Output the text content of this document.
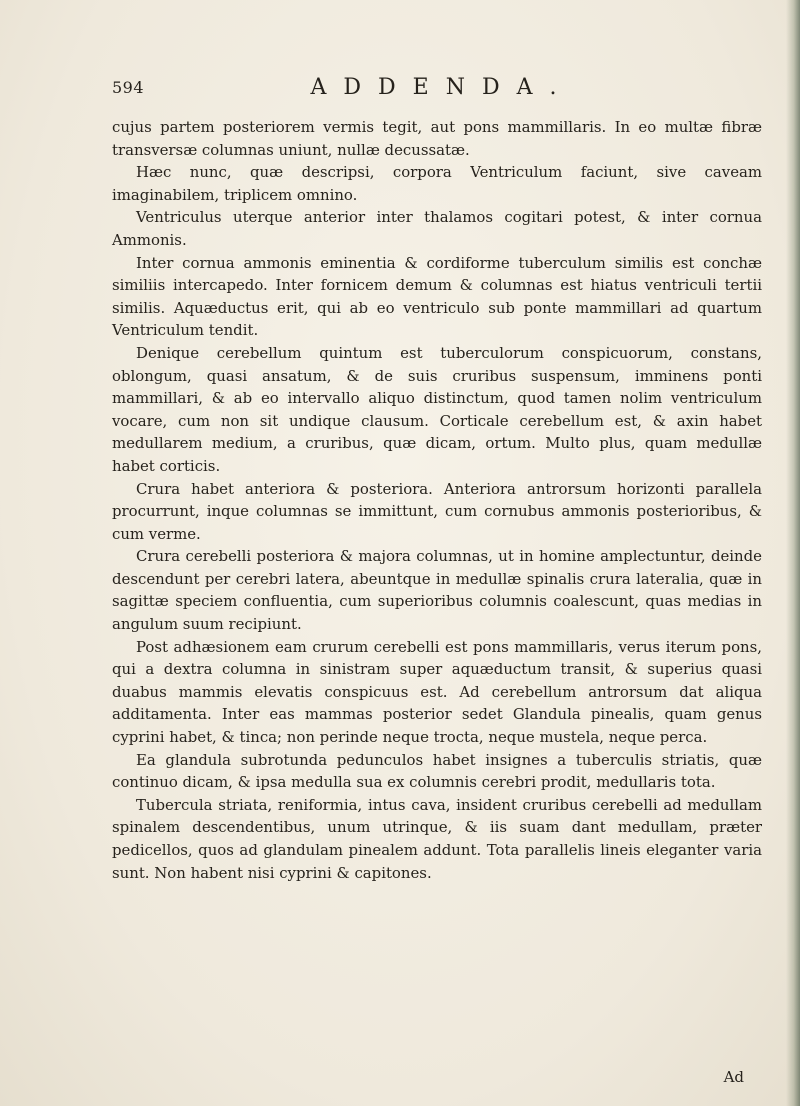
594	ADDENDA.

cujus partem posteriorem vermis tegit, aut pons mammillaris. In eo multæ fibræ transversæ columnas uniunt, nullæ decussatæ.

Hæc nunc, quæ descripsi, corpora Ventriculum faciunt, sive caveam imaginabilem, triplicem omnino.

Ventriculus uterque anterior inter thalamos cogitari potest, & inter cornua Ammonis.

Inter cornua ammonis eminentia & cordiforme tuberculum similis est conchæ similiis intercapedo. Inter fornicem demum & columnas est hiatus ventriculi tertii similis. Aquæductus erit, qui ab eo ventriculo sub ponte mammillari ad quartum Ventriculum tendit.

Denique cerebellum quintum est tuberculorum conspicuorum, constans, oblongum, quasi ansatum, & de suis cruribus suspensum, imminens ponti mammillari, & ab eo intervallo aliquo distinctum, quod tamen nolim ventriculum vocare, cum non sit undique clausum. Corticale cerebellum est, & axin habet medullarem medium, a cruribus, quæ dicam, ortum. Multo plus, quam medullæ habet corticis.

Crura habet anteriora & posteriora. Anteriora antrorsum horizonti parallela procurrunt, inque columnas se immittunt, cum cornubus ammonis posterioribus, & cum verme.

Crura cerebelli posteriora & majora columnas, ut in homine amplectuntur, deinde descendunt per cerebri latera, abeuntque in medullæ spinalis crura lateralia, quæ in sagittæ speciem confluentia, cum superioribus columnis coalescunt, quas medias in angulum suum recipiunt.

Post adhæsionem eam crurum cerebelli est pons mammillaris, verus iterum pons, qui a dextra columna in sinistram super aquæductum transit, & superius quasi duabus mammis elevatis conspicuus est. Ad cerebellum antrorsum dat aliqua additamenta. Inter eas mammas posterior sedet Glandula pinealis, quam genus cyprini habet, & tinca; non perinde neque trocta, neque mustela, neque perca.

Ea glandula subrotunda pedunculos habet insignes a tuberculis striatis, quæ continuo dicam, & ipsa medulla sua ex columnis cerebri prodit, medullaris tota.

Tubercula striata, reniformia, intus cava, insident cruribus cerebelli ad medullam spinalem descendentibus, unum utrinque, & iis suam dant medullam, præter pedicellos, quos ad glandulam pinealem addunt. Tota parallelis lineis eleganter varia sunt. Non habent nisi cyprini & capitones.

Ad
